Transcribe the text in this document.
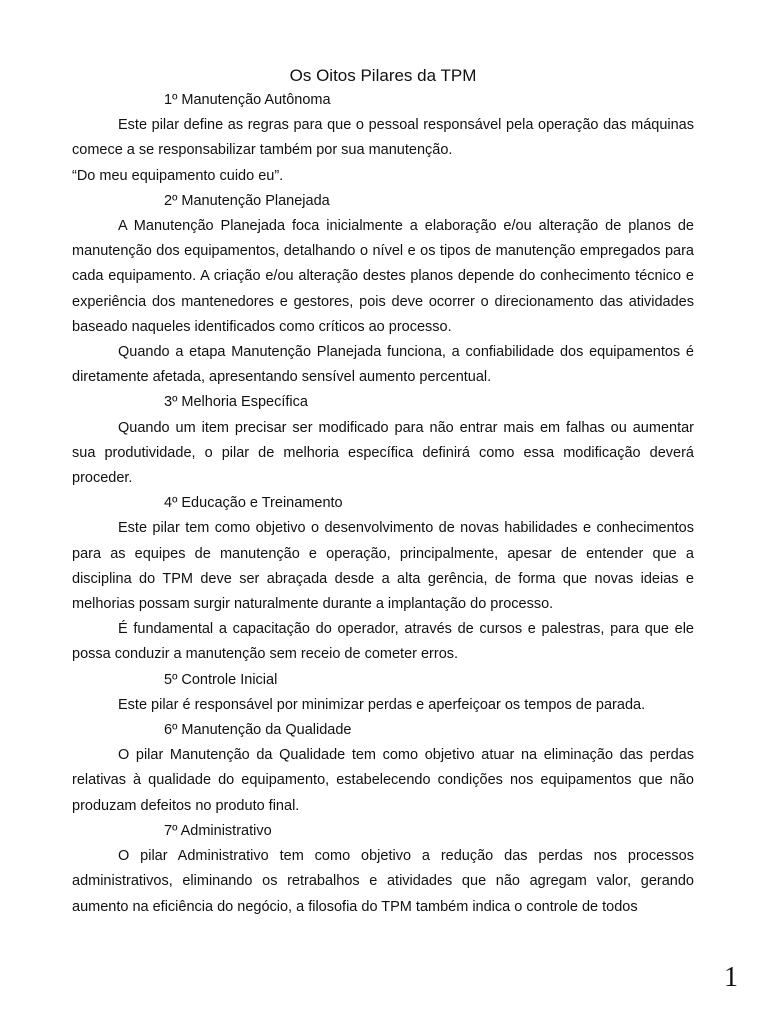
Os Oitos Pilares da TPM

1º Manutenção Autônoma

Este pilar define as regras para que o pessoal responsável pela operação das máquinas comece a se responsabilizar também por sua manutenção.

“Do meu equipamento cuido eu”.

2º Manutenção Planejada

A Manutenção Planejada foca inicialmente a elaboração e/ou alteração de planos de manutenção dos equipamentos, detalhando o nível e os tipos de manutenção empregados para cada equipamento. A criação e/ou alteração destes planos depende do conhecimento técnico e experiência dos mantenedores e gestores, pois deve ocorrer o direcionamento das atividades baseado naqueles identificados como críticos ao processo.

Quando a etapa Manutenção Planejada funciona, a confiabilidade dos equipamentos é diretamente afetada, apresentando sensível aumento percentual.

3º Melhoria Específica

Quando um item precisar ser modificado para não entrar mais em falhas ou aumentar sua produtividade, o pilar de melhoria específica definirá como essa modificação deverá proceder.

4º Educação e Treinamento

Este pilar tem como objetivo o desenvolvimento de novas habilidades e conhecimentos para as equipes de manutenção e operação, principalmente, apesar de entender que a disciplina do TPM deve ser abraçada desde a alta gerência, de forma que novas ideias e melhorias possam surgir naturalmente durante a implantação do processo.

É fundamental a capacitação do operador, através de cursos e palestras, para que ele possa conduzir a manutenção sem receio de cometer erros.

5º Controle Inicial

Este pilar é responsável por minimizar perdas e aperfeiçoar os tempos de parada.

6º Manutenção da Qualidade

O pilar Manutenção da Qualidade tem como objetivo atuar na eliminação das perdas relativas à qualidade do equipamento, estabelecendo condições nos equipamentos que não produzam defeitos no produto final.

7º Administrativo

O pilar Administrativo tem como objetivo a redução das perdas nos processos administrativos, eliminando os retrabalhos e atividades que não agregam valor, gerando aumento na eficiência do negócio, a filosofia do TPM também indica o controle de todos

1
